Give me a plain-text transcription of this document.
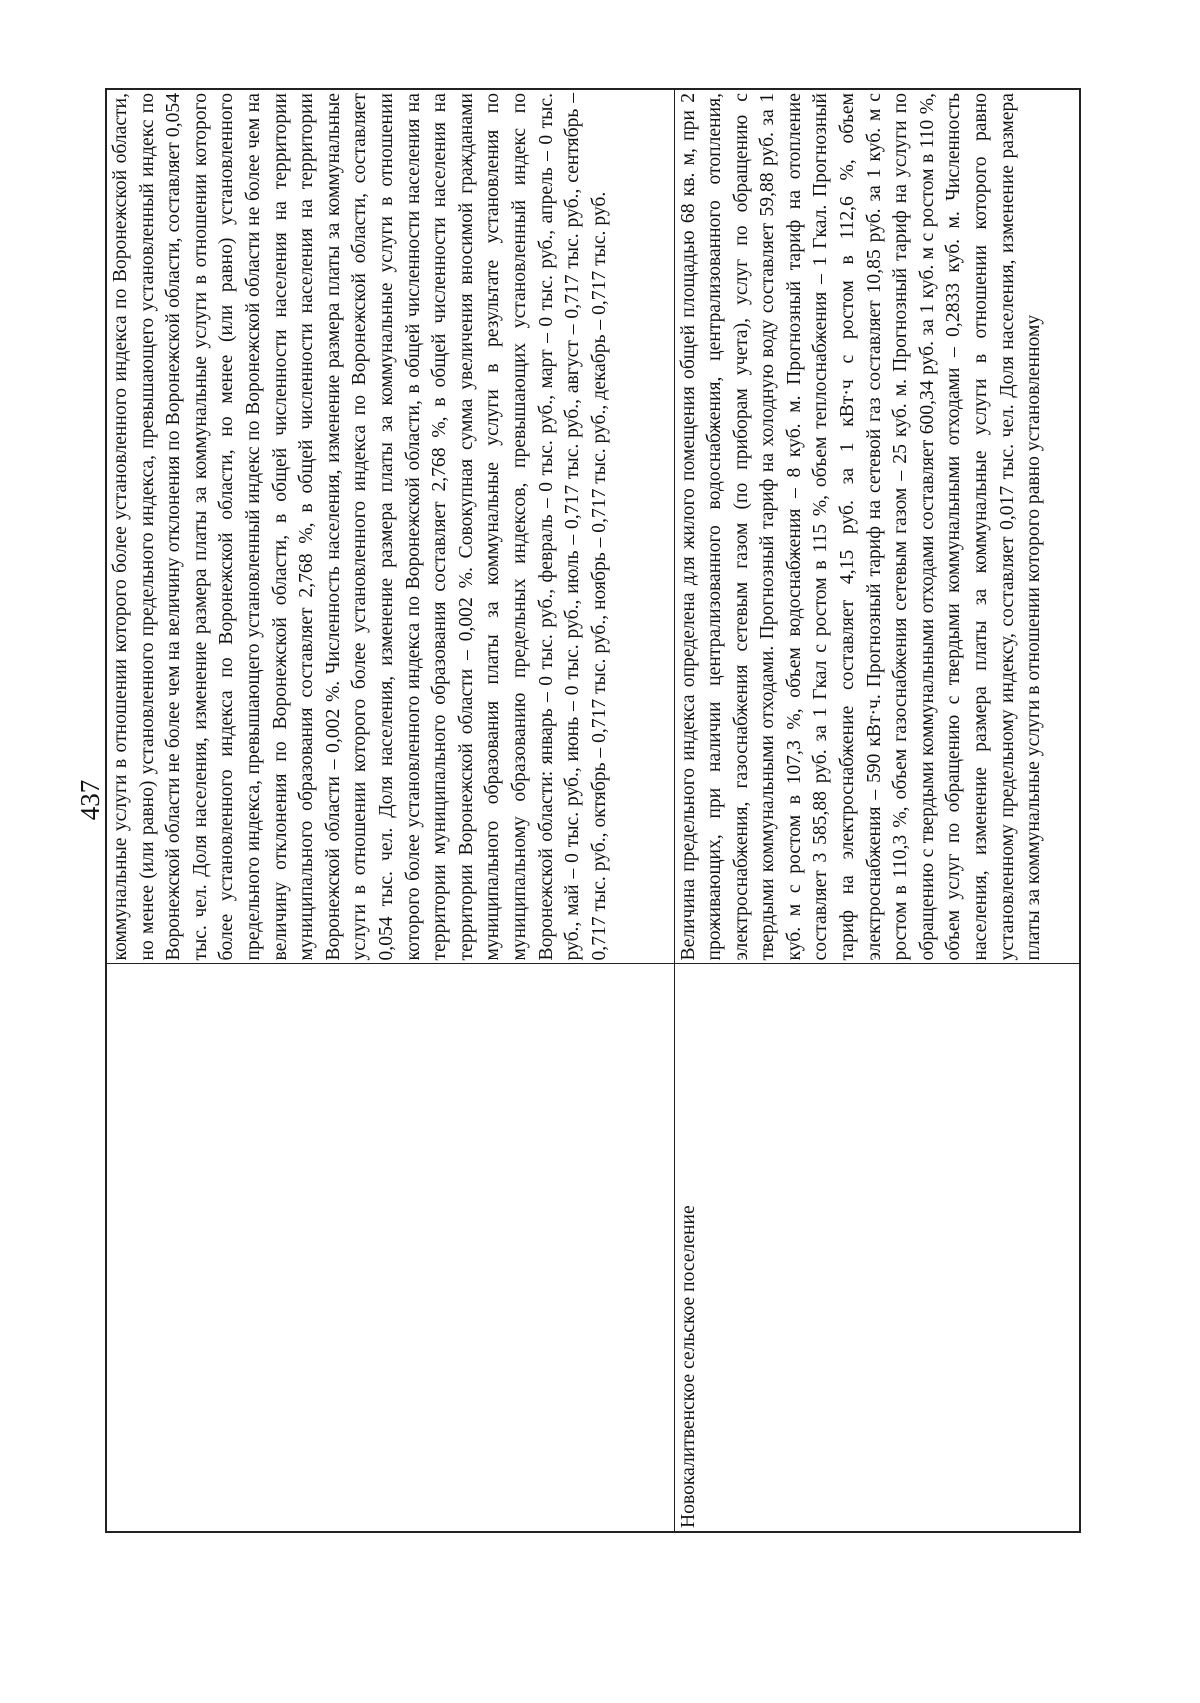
437
	коммунальные услуги в отношении которого более установленного индекса по Воронежской области, но менее (или равно) установленного предельного индекса, превышающего установленный индекс по Воронежской области не более чем на величину отклонения по Воронежской области, составляет 0,054 тыс. чел. Доля населения, изменение размера платы за коммунальные услуги в отношении которого более установленного индекса по Воронежской области, но менее (или равно) установленного предельного индекса, превышающего установленный индекс по Воронежской области не более чем на величину отклонения по Воронежской области, в общей численности населения на территории муниципального образования составляет 2,768 %, в общей численности населения на территории Воронежской области – 0,002 %. Численность населения, изменение размера платы за коммунальные услуги в отношении которого более установленного индекса по Воронежской области, составляет 0,054 тыс. чел. Доля населения, изменение размера платы за коммунальные услуги в отношении которого более установленного индекса по Воронежской области, в общей численности населения на территории муниципального образования составляет 2,768 %, в общей численности населения на территории Воронежской области – 0,002 %. Совокупная сумма увеличения вносимой гражданами муниципального образования платы за коммунальные услуги в результате установления по муниципальному образованию предельных индексов, превышающих установленный индекс по Воронежской области: январь – 0 тыс. руб., февраль – 0 тыс. руб., март – 0 тыс. руб., апрель – 0 тыс. руб., май – 0 тыс. руб., июнь – 0 тыс. руб., июль – 0,717 тыс. руб., август – 0,717 тыс. руб., сентябрь – 0,717 тыс. руб., октябрь – 0,717 тыс. руб., ноябрь – 0,717 тыс. руб., декабрь – 0,717 тыс. руб.
Новокалитвенское сельское поселение	Величина предельного индекса определена для жилого помещения общей площадью 68 кв. м, при 2 проживающих, при наличии централизованного водоснабжения, централизованного отопления, электроснабжения, газоснабжения сетевым газом (по приборам учета), услуг по обращению с твердыми коммунальными отходами. Прогнозный тариф на холодную воду составляет 59,88 руб. за 1 куб. м с ростом в 107,3 %, объем водоснабжения – 8 куб. м. Прогнозный тариф на отопление составляет 3 585,88 руб. за 1 Гкал с ростом в 115 %, объем теплоснабжения – 1 Гкал. Прогнозный тариф на электроснабжение составляет 4,15 руб. за 1 кВт·ч с ростом в 112,6 %, объем электроснабжения – 590 кВт·ч. Прогнозный тариф на сетевой газ составляет 10,85 руб. за 1 куб. м с ростом в 110,3 %, объем газоснабжения сетевым газом – 25 куб. м. Прогнозный тариф на услуги по обращению с твердыми коммунальными отходами составляет 600,34 руб. за 1 куб. м с ростом в 110 %, объем услуг по обращению с твердыми коммунальными отходами – 0,2833 куб. м. Численность населения, изменение размера платы за коммунальные услуги в отношении которого равно установленному предельному индексу, составляет 0,017 тыс. чел. Доля населения, изменение размера платы за коммунальные услуги в отношении которого равно установленному
